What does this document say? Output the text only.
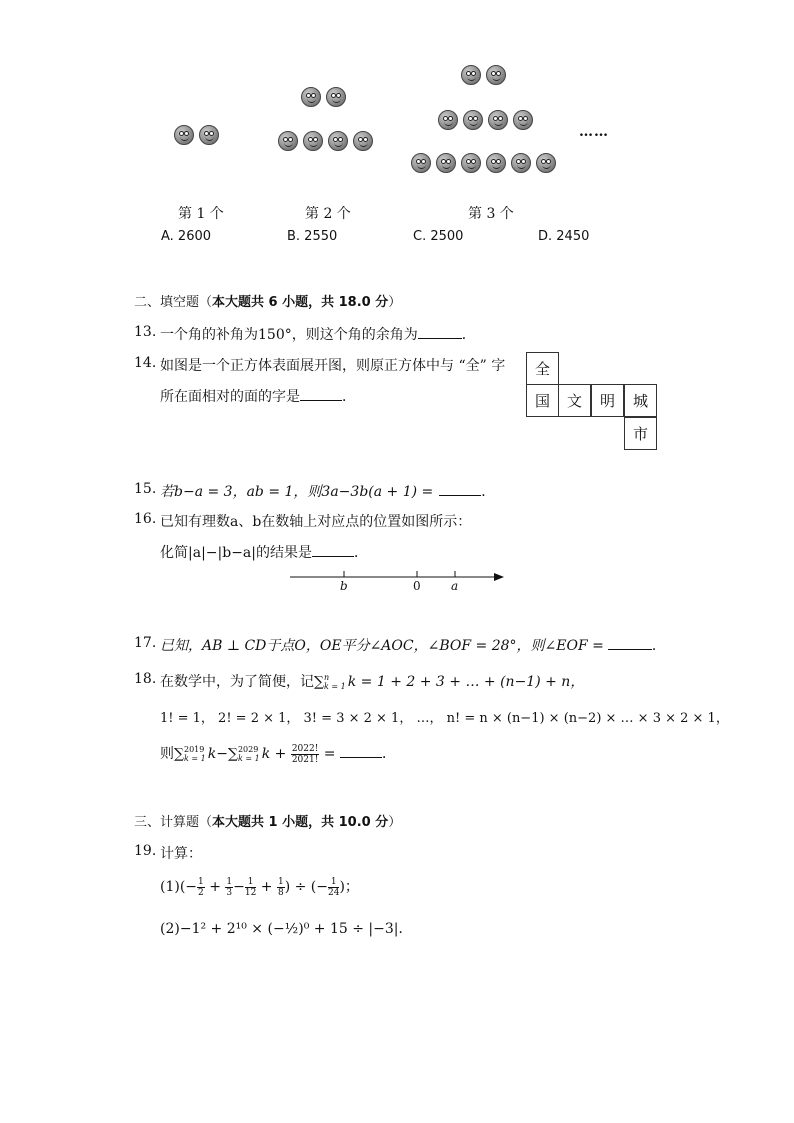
……
第 1 个	第 2 个	第 3 个
A. 2600	B. 2550	C. 2500	D. 2450
二、填空题（本大题共 6 小题，共 18.0 分）
13. 一个角的补角为150°，则这个角的余角为	．
14. 如图是一个正方体表面展开图，则原正方体中与 “全” 字
所在面相对的面的字是	．
全
国	文	明	城
市
15. 若b−a = 3，ab = 1，则3a−3b(a + 1) =	．
16. 已知有理数a、b在数轴上对应点的位置如图所示：
化简|a|−|b−a|的结果是	．
b	0	a
17. 已知，AB ⊥ CD于点O，OE平分∠AOC，∠BOF = 28°，则∠EOF =	．
18. 在数学中，为了简便，记∑ n
k = 1 k = 1 + 2 + 3 + … + (n−1) + n，
1! = 1， 2! = 2 × 1， 3! = 3 × 2 × 1， …， n! = n × (n−1) × (n−2) × … × 3 × 2 × 1，
则∑ 2019
k = 1 k−∑ 2029
k = 1 $k + \frac{2022!}{2021!}$ =	．
三、计算题（本大题共 1 小题，共 10.0 分）
19. 计算：
$(1)(- \frac{1}{2} + \frac{1}{3} - \frac{1}{12} + \frac{1}{8}$ ) ÷ (− $\frac{1}{24}$ )；
(2)−1² + 2¹⁰ × (−½)⁰ + 15 ÷ |−3|．
